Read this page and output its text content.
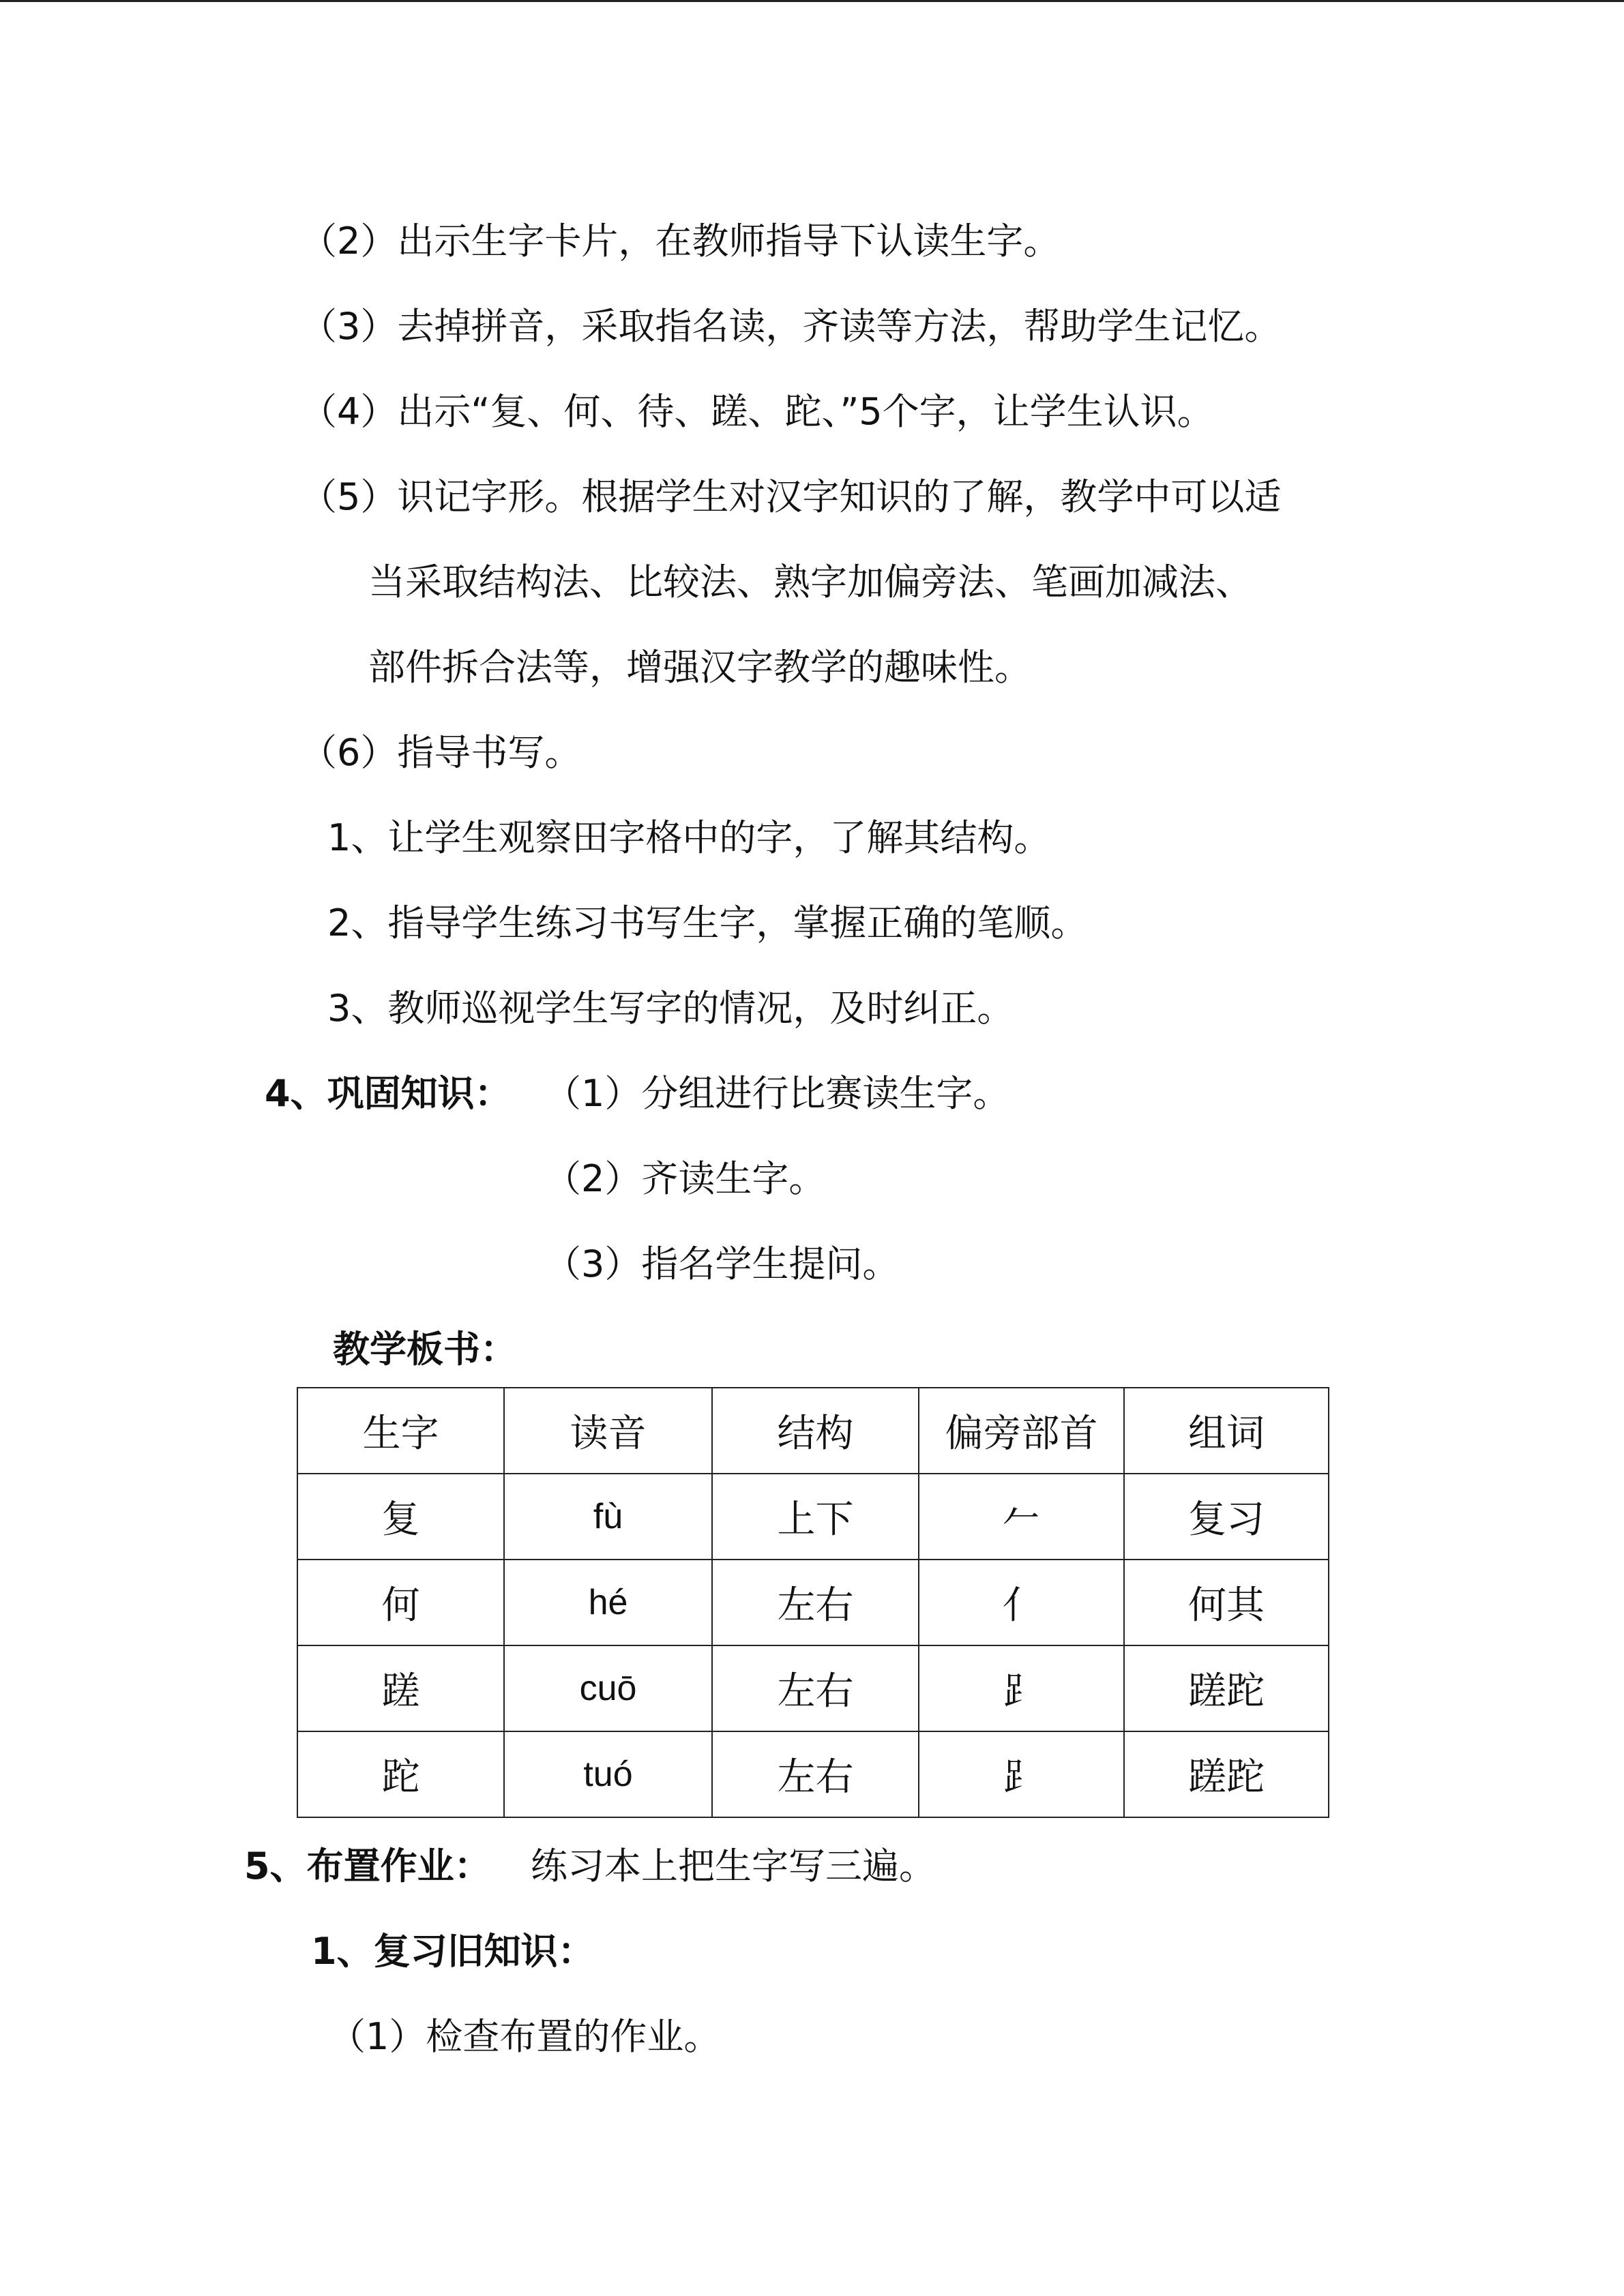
（2）出示生字卡片，在教师指导下认读生字。
（3）去掉拼音，采取指名读，齐读等方法，帮助学生记忆。
（4）出示“复、何、待、蹉、跎、”5个字，让学生认识。
（5）识记字形。根据学生对汉字知识的了解，教学中可以适
当采取结构法、比较法、熟字加偏旁法、笔画加减法、
部件拆合法等，增强汉字教学的趣味性。
（6）指导书写。
1、让学生观察田字格中的字，了解其结构。
2、指导学生练习书写生字，掌握正确的笔顺。
3、教师巡视学生写字的情况，及时纠正。
4、巩固知识： （1）分组进行比赛读生字。
（2）齐读生字。
（3）指名学生提问。
教学板书：
生字	读音	结构	偏旁部首	组词
复	fù	上下	𠂉	复习
何	hé	左右	亻	何其
蹉	cuō	左右	⻊	蹉跎
跎	tuó	左右	⻊	蹉跎
5、布置作业： 练习本上把生字写三遍。
1、复习旧知识：
（1）检查布置的作业。
